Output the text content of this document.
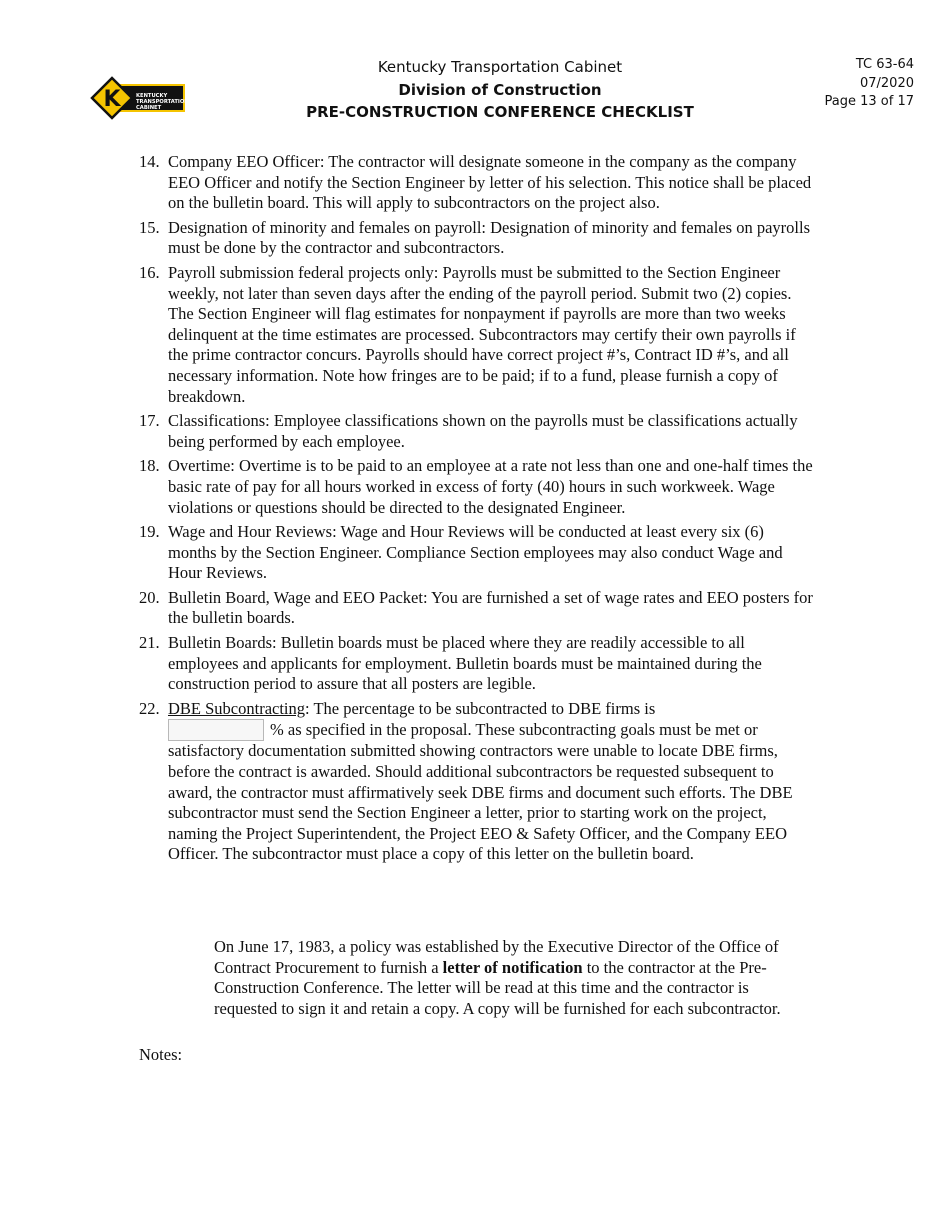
K	KENTUCKY
TRANSPORTATION
CABINET
Kentucky Transportation Cabinet
Division of Construction
PRE-CONSTRUCTION CONFERENCE CHECKLIST
TC 63-64
07/2020
Page 13 of 17
14. Company EEO Officer: The contractor will designate someone in the company as the company EEO Officer and notify the Section Engineer by letter of his selection. This notice shall be placed on the bulletin board. This will apply to subcontractors on the project also.
15. Designation of minority and females on payroll: Designation of minority and females on payrolls must be done by the contractor and subcontractors.
16. Payroll submission federal projects only: Payrolls must be submitted to the Section Engineer weekly, not later than seven days after the ending of the payroll period. Submit two (2) copies. The Section Engineer will flag estimates for nonpayment if payrolls are more than two weeks delinquent at the time estimates are processed. Subcontractors may certify their own payrolls if the prime contractor concurs. Payrolls should have correct project #’s, Contract ID #’s, and all necessary information. Note how fringes are to be paid; if to a fund, please furnish a copy of breakdown.
17. Classifications: Employee classifications shown on the payrolls must be classifications actually being performed by each employee.
18. Overtime: Overtime is to be paid to an employee at a rate not less than one and one-half times the basic rate of pay for all hours worked in excess of forty (40) hours in such workweek. Wage violations or questions should be directed to the designated Engineer.
19. Wage and Hour Reviews: Wage and Hour Reviews will be conducted at least every six (6) months by the Section Engineer. Compliance Section employees may also conduct Wage and Hour Reviews.
20. Bulletin Board, Wage and EEO Packet: You are furnished a set of wage rates and EEO posters for the bulletin boards.
21. Bulletin Boards: Bulletin boards must be placed where they are readily accessible to all employees and applicants for employment. Bulletin boards must be maintained during the construction period to assure that all posters are legible.
22. DBE Subcontracting: The percentage to be subcontracted to DBE firms is
% as specified in the proposal. These subcontracting goals must be met or satisfactory documentation submitted showing contractors were unable to locate DBE firms, before the contract is awarded. Should additional subcontractors be requested subsequent to award, the contractor must affirmatively seek DBE firms and document such efforts. The DBE subcontractor must send the Section Engineer a letter, prior to starting work on the project, naming the Project Superintendent, the Project EEO & Safety Officer, and the Company EEO Officer. The subcontractor must place a copy of this letter on the bulletin board.
On June 17, 1983, a policy was established by the Executive Director of the Office of Contract Procurement to furnish a letter of notification to the contractor at the Pre-Construction Conference. The letter will be read at this time and the contractor is requested to sign it and retain a copy. A copy will be furnished for each subcontractor.
Notes:
